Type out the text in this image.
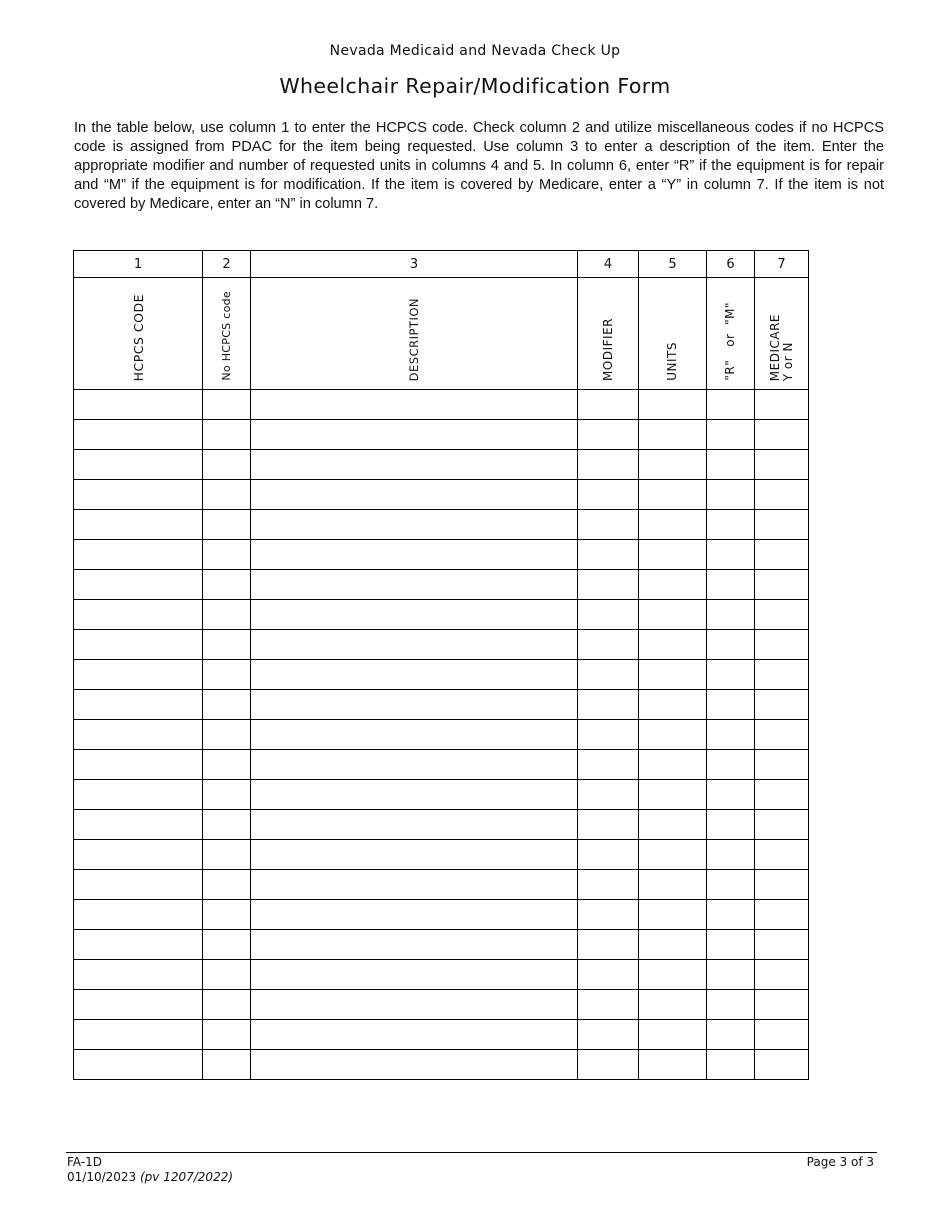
Nevada Medicaid and Nevada Check Up
Wheelchair Repair/Modification Form

In the table below, use column 1 to enter the HCPCS code. Check column 2 and utilize miscellaneous codes if no HCPCS code is assigned from PDAC for the item being requested. Use column 3 to enter a description of the item. Enter the appropriate modifier and number of requested units in columns 4 and 5. In column 6, enter “R” if the equipment is for repair and “M” if the equipment is for modification. If the item is covered by Medicare, enter a “Y” in column 7. If the item is not covered by Medicare, enter an “N” in column 7.

1	2	3	4	5	6	7
HCPCS CODE	No HCPCS code	DESCRIPTION	MODIFIER	UNITS	"R"   or  "M"	MEDICARE
Y or N

FA-1D
01/10/2023 (pv 1207/2022)
Page 3 of 3
